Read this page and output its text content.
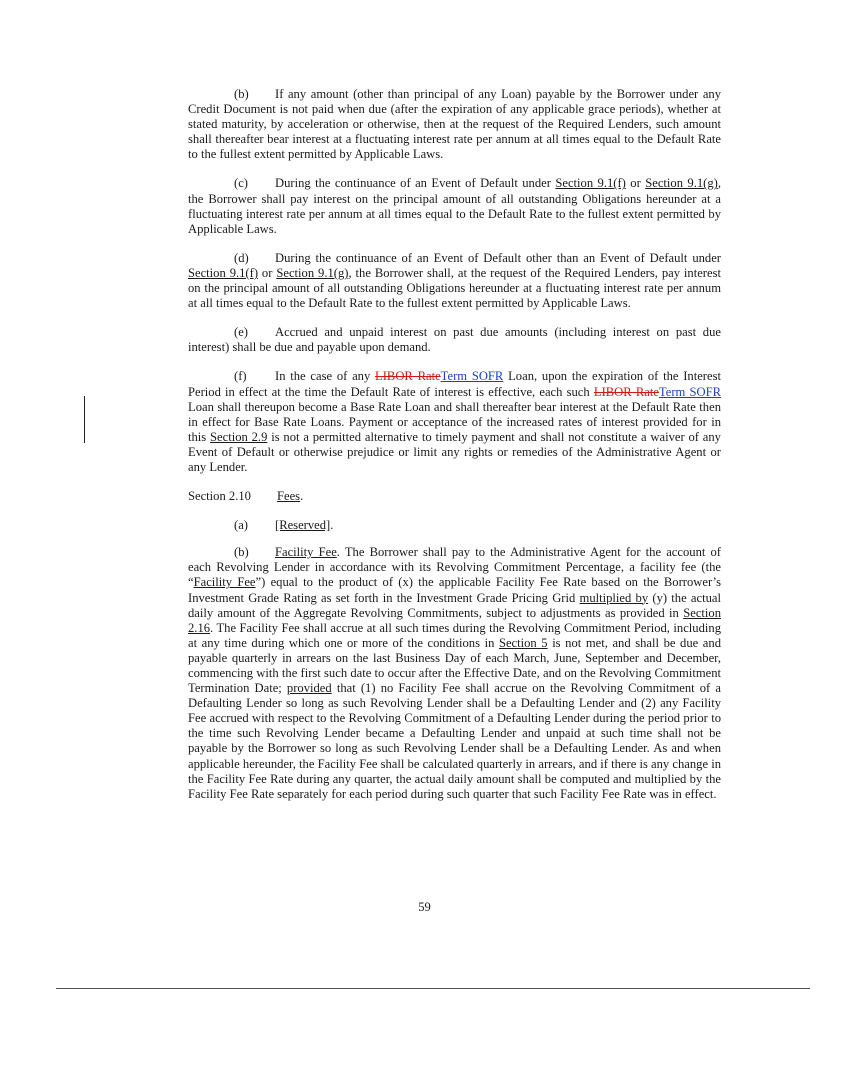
(b) If any amount (other than principal of any Loan) payable by the Borrower under any Credit Document is not paid when due (after the expiration of any applicable grace periods), whether at stated maturity, by acceleration or otherwise, then at the request of the Required Lenders, such amount shall thereafter bear interest at a fluctuating interest rate per annum at all times equal to the Default Rate to the fullest extent permitted by Applicable Laws.

(c) During the continuance of an Event of Default under Section 9.1(f) or Section 9.1(g), the Borrower shall pay interest on the principal amount of all outstanding Obligations hereunder at a fluctuating interest rate per annum at all times equal to the Default Rate to the fullest extent permitted by Applicable Laws.

(d) During the continuance of an Event of Default other than an Event of Default under Section 9.1(f) or Section 9.1(g), the Borrower shall, at the request of the Required Lenders, pay interest on the principal amount of all outstanding Obligations hereunder at a fluctuating interest rate per annum at all times equal to the Default Rate to the fullest extent permitted by Applicable Laws.

(e) Accrued and unpaid interest on past due amounts (including interest on past due interest) shall be due and payable upon demand.

(f) In the case of any LIBOR RateTerm SOFR Loan, upon the expiration of the Interest Period in effect at the time the Default Rate of interest is effective, each such LIBOR RateTerm SOFR Loan shall thereupon become a Base Rate Loan and shall thereafter bear interest at the Default Rate then in effect for Base Rate Loans. Payment or acceptance of the increased rates of interest provided for in this Section 2.9 is not a permitted alternative to timely payment and shall not constitute a waiver of any Event of Default or otherwise prejudice or limit any rights or remedies of the Administrative Agent or any Lender.

Section 2.10 Fees.

(a) [Reserved].

(b) Facility Fee. The Borrower shall pay to the Administrative Agent for the account of each Revolving Lender in accordance with its Revolving Commitment Percentage, a facility fee (the “Facility Fee”) equal to the product of (x) the applicable Facility Fee Rate based on the Borrower’s Investment Grade Rating as set forth in the Investment Grade Pricing Grid multiplied by (y) the actual daily amount of the Aggregate Revolving Commitments, subject to adjustments as provided in Section 2.16. The Facility Fee shall accrue at all such times during the Revolving Commitment Period, including at any time during which one or more of the conditions in Section 5 is not met, and shall be due and payable quarterly in arrears on the last Business Day of each March, June, September and December, commencing with the first such date to occur after the Effective Date, and on the Revolving Commitment Termination Date; provided that (1) no Facility Fee shall accrue on the Revolving Commitment of a Defaulting Lender so long as such Revolving Lender shall be a Defaulting Lender and (2) any Facility Fee accrued with respect to the Revolving Commitment of a Defaulting Lender during the period prior to the time such Revolving Lender became a Defaulting Lender and unpaid at such time shall not be payable by the Borrower so long as such Revolving Lender shall be a Defaulting Lender. As and when applicable hereunder, the Facility Fee shall be calculated quarterly in arrears, and if there is any change in the Facility Fee Rate during any quarter, the actual daily amount shall be computed and multiplied by the Facility Fee Rate separately for each period during such quarter that such Facility Fee Rate was in effect.

59
